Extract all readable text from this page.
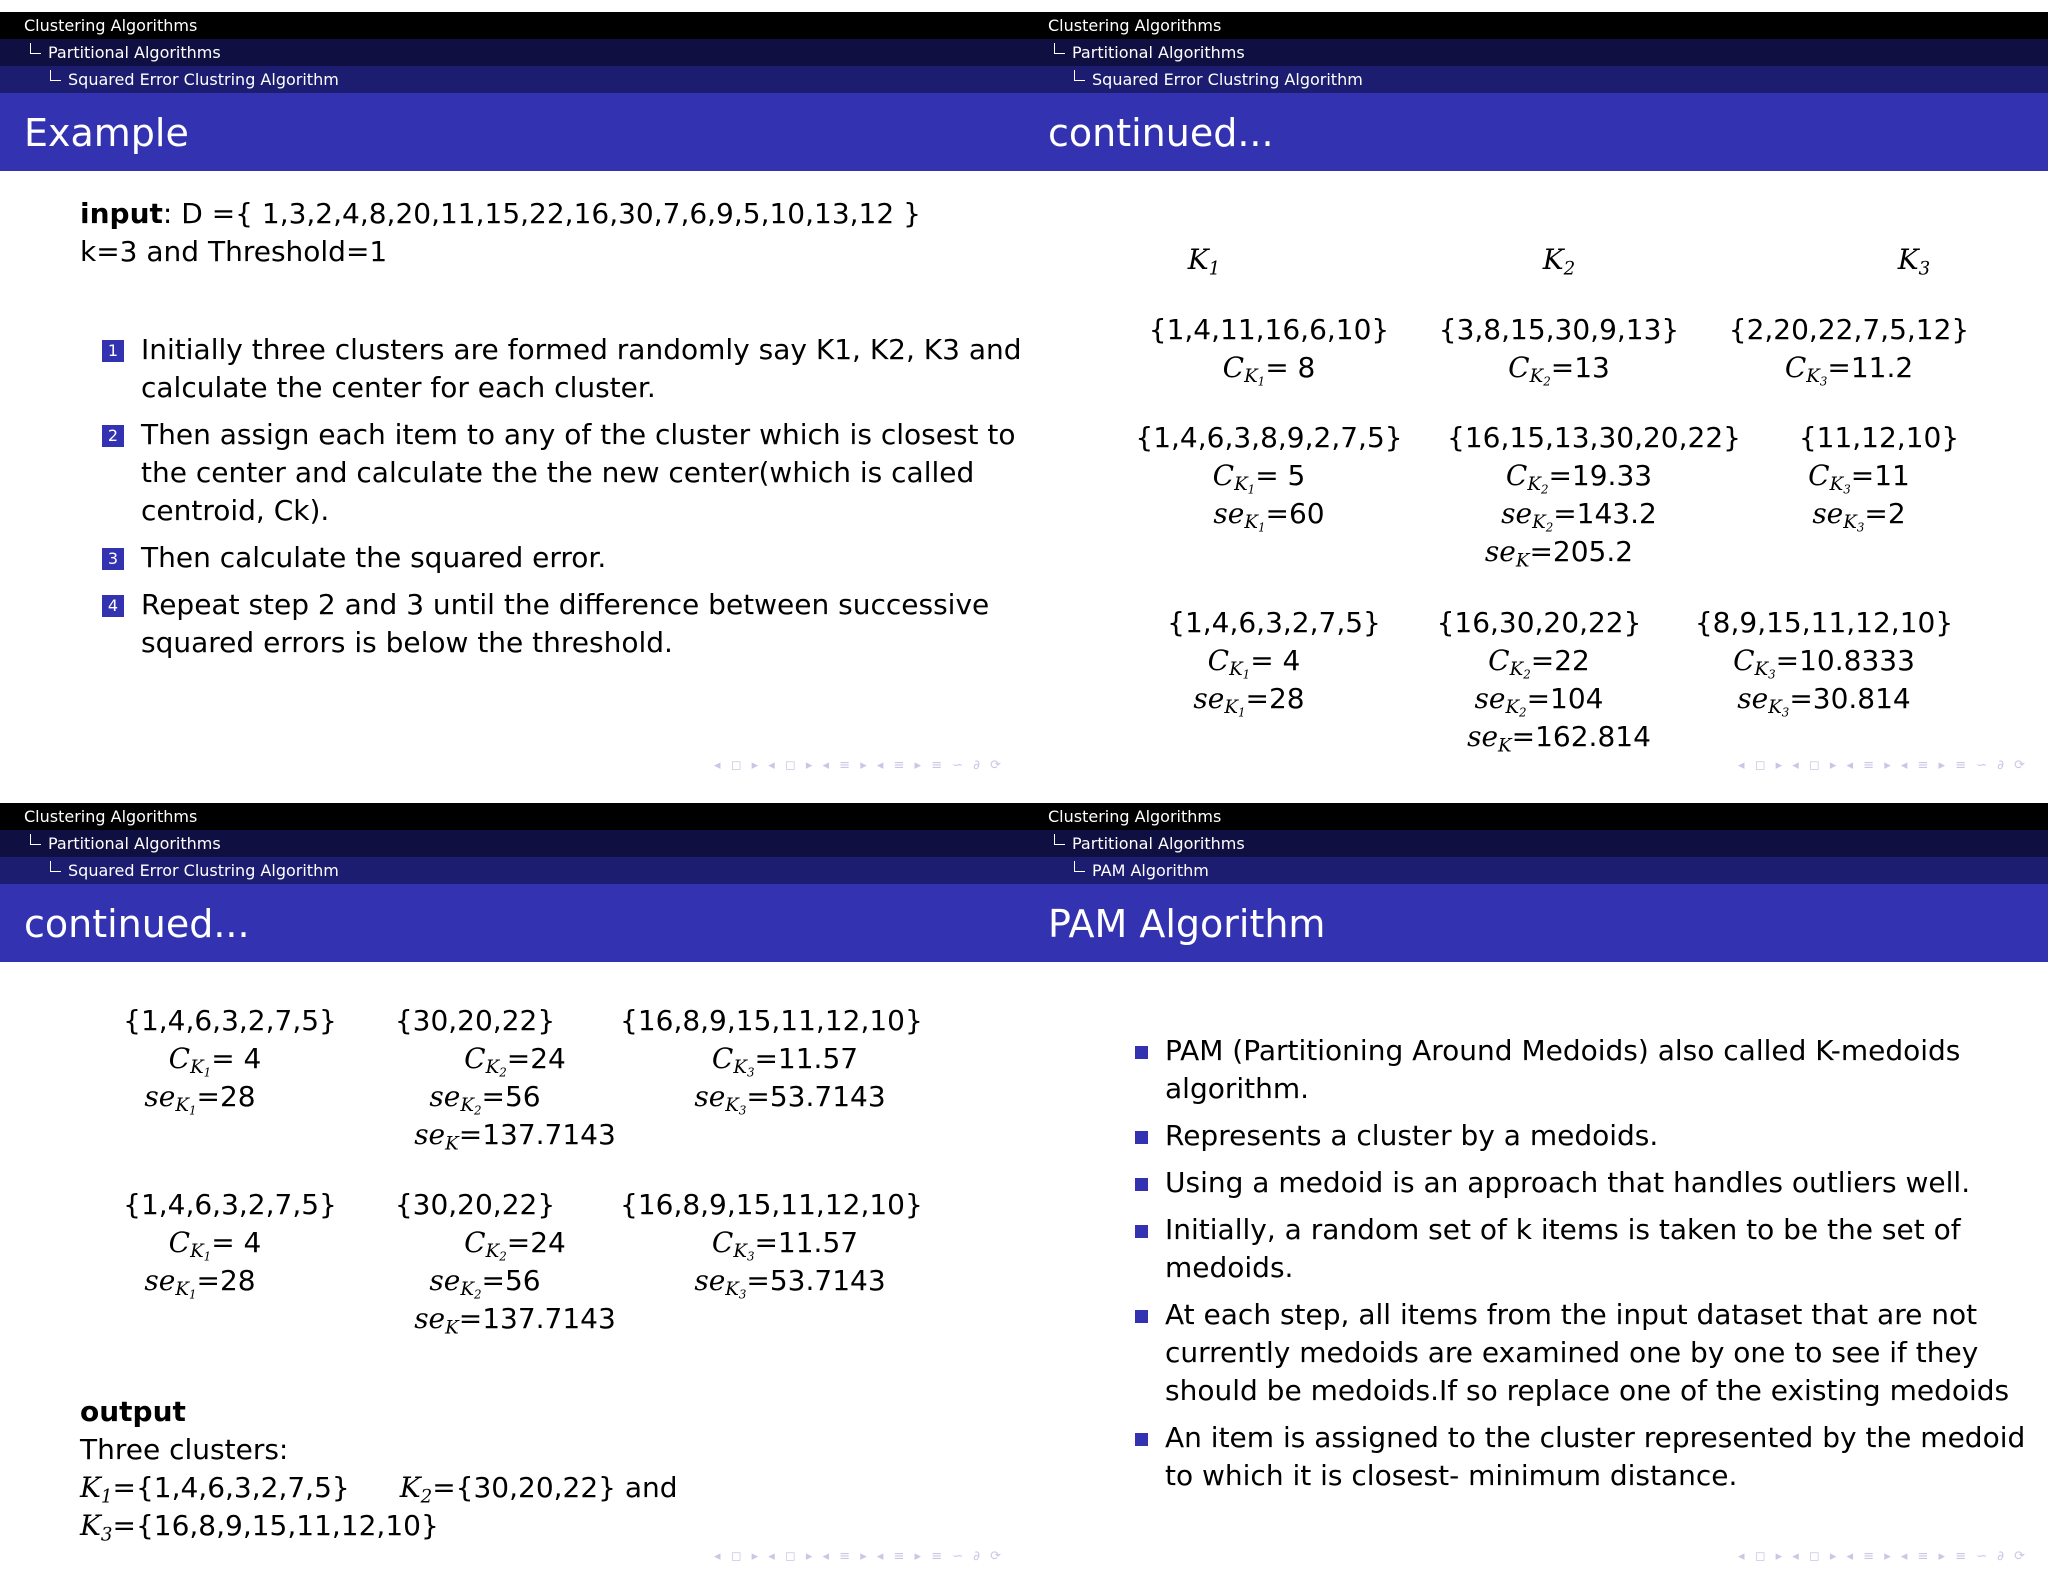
Clustering Algorithms
Partitional Algorithms
Squared Error Clustring Algorithm
Example
input: D ={ 1,3,2,4,8,20,11,15,22,16,30,7,6,9,5,10,13,12 }
k=3 and Threshold=1
1 Initially three clusters are formed randomly say K1, K2, K3 and
calculate the center for each cluster.
2 Then assign each item to any of the cluster which is closest to
the center and calculate the the new center(which is called
centroid, Ck).
3 Then calculate the squared error.
4 Repeat step 2 and 3 until the difference between successive
squared errors is below the threshold.
◂ ◻ ▸ ◂ ◻ ▸ ◂ ≡ ▸ ◂ ≡ ▸ ≡ ∽ ∂ ⟳
Clustering Algorithms
Partitional Algorithms
Squared Error Clustring Algorithm
continued...
$K_1$	$K_2$	$K_3$
{1,4,11,16,6,10}	{3,8,15,30,9,13}	{2,20,22,7,5,12}
$C_{K_1}= 8$	$C_{K_2}=13$	$C_{K_3}=11.2$
{1,4,6,3,8,9,2,7,5}	{16,15,13,30,20,22}	{11,12,10}
$C_{K_1}= 5$	$C_{K_2}=19.33$	$C_{K_3}=11$
$se_{K_1}=60$	$se_{K_2}=143.2$	$se_{K_3}=2$
$se_K=205.2$
{1,4,6,3,2,7,5}	{16,30,20,22}	{8,9,15,11,12,10}
$C_{K_1}= 4$	$C_{K_2}=22$	$C_{K_3}=10.8333$
$se_{K_1}=28$	$se_{K_2}=104$	$se_{K_3}=30.814$
$se_K=162.814$
◂ ◻ ▸ ◂ ◻ ▸ ◂ ≡ ▸ ◂ ≡ ▸ ≡ ∽ ∂ ⟳
Clustering Algorithms
Partitional Algorithms
Squared Error Clustring Algorithm
continued...
{1,4,6,3,2,7,5}	{30,20,22}	{16,8,9,15,11,12,10}
$C_{K_1}= 4$	$C_{K_2}=24$	$C_{K_3}=11.57$
$se_{K_1}=28$	$se_{K_2}=56$	$se_{K_3}=53.7143$
$se_K=137.7143$
{1,4,6,3,2,7,5}	{30,20,22}	{16,8,9,15,11,12,10}
$C_{K_1}= 4$	$C_{K_2}=24$	$C_{K_3}=11.57$
$se_{K_1}=28$	$se_{K_2}=56$	$se_{K_3}=53.7143$
$se_K=137.7143$
output
Three clusters:
$K_1=\{1,4,6,3,2,7,5\}$ $K_2=\{30,20,22\}$ and
$K_3=\{16,8,9,15,11,12,10\}$
◂ ◻ ▸ ◂ ◻ ▸ ◂ ≡ ▸ ◂ ≡ ▸ ≡ ∽ ∂ ⟳
Clustering Algorithms
Partitional Algorithms
PAM Algorithm
PAM Algorithm
PAM (Partitioning Around Medoids) also called K-medoids
algorithm.
Represents a cluster by a medoids.
Using a medoid is an approach that handles outliers well.
Initially, a random set of k items is taken to be the set of
medoids.
At each step, all items from the input dataset that are not
currently medoids are examined one by one to see if they
should be medoids.If so replace one of the existing medoids
An item is assigned to the cluster represented by the medoid
to which it is closest- minimum distance.
◂ ◻ ▸ ◂ ◻ ▸ ◂ ≡ ▸ ◂ ≡ ▸ ≡ ∽ ∂ ⟳
